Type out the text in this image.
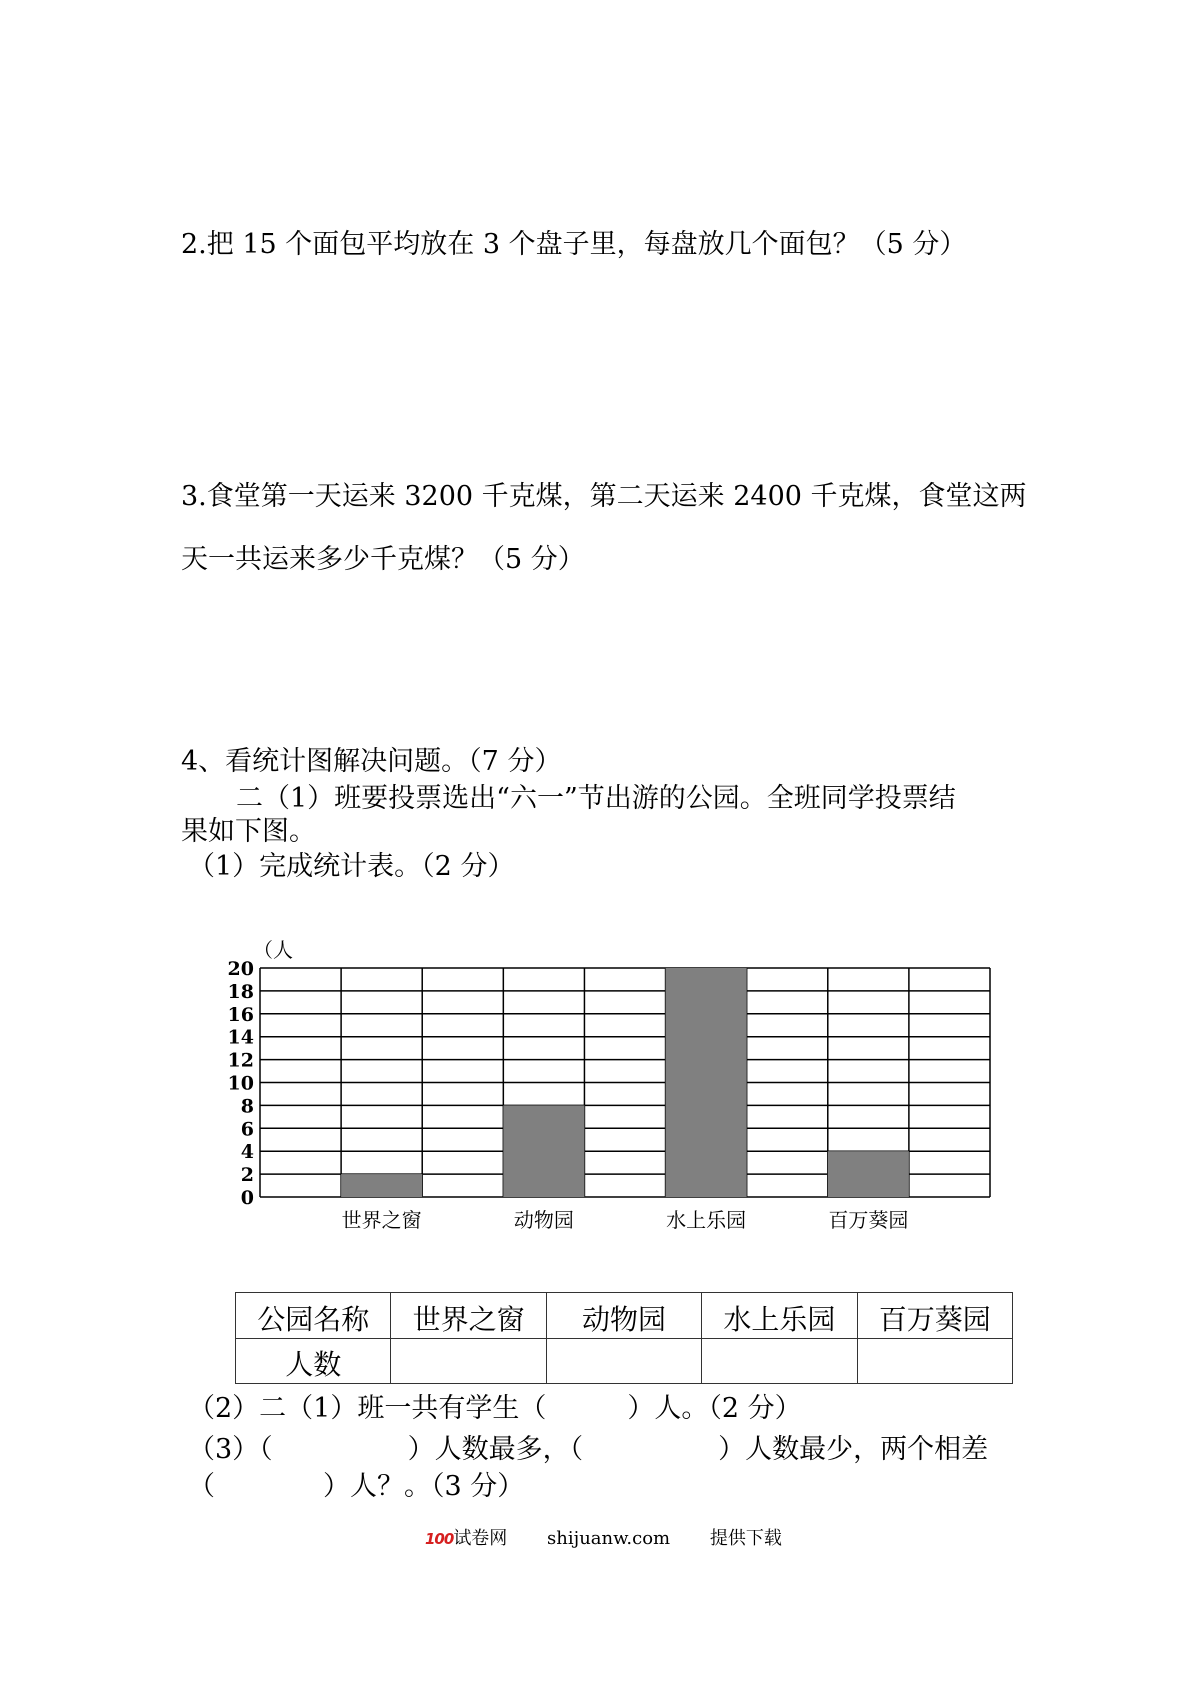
2.把 15 个面包平均放在 3 个盘子里，每盘放几个面包？（5 分）
3.食堂第一天运来 3200 千克煤，第二天运来 2400 千克煤，食堂这两
天一共运来多少千克煤？（5 分）
4、看统计图解决问题。（7 分）
二（1）班要投票选出“六一”节出游的公园。全班同学投票结
果如下图。
（1）完成统计表。（2 分）
0
2
4
6
8
10
12
14
16
18
20
世界之窗	动物园	水上乐园	百万葵园
（人
公园名称	世界之窗	动物园	水上乐园	百万葵园
人数				
（2）二（1）班一共有学生（　　　）人。（2 分）
（3）（　　　　　）人数最多，（　　　　　）人数最少，两个相差
（　　　　）人？。（3 分）
100试卷网 shijuanw.com 提供下载
